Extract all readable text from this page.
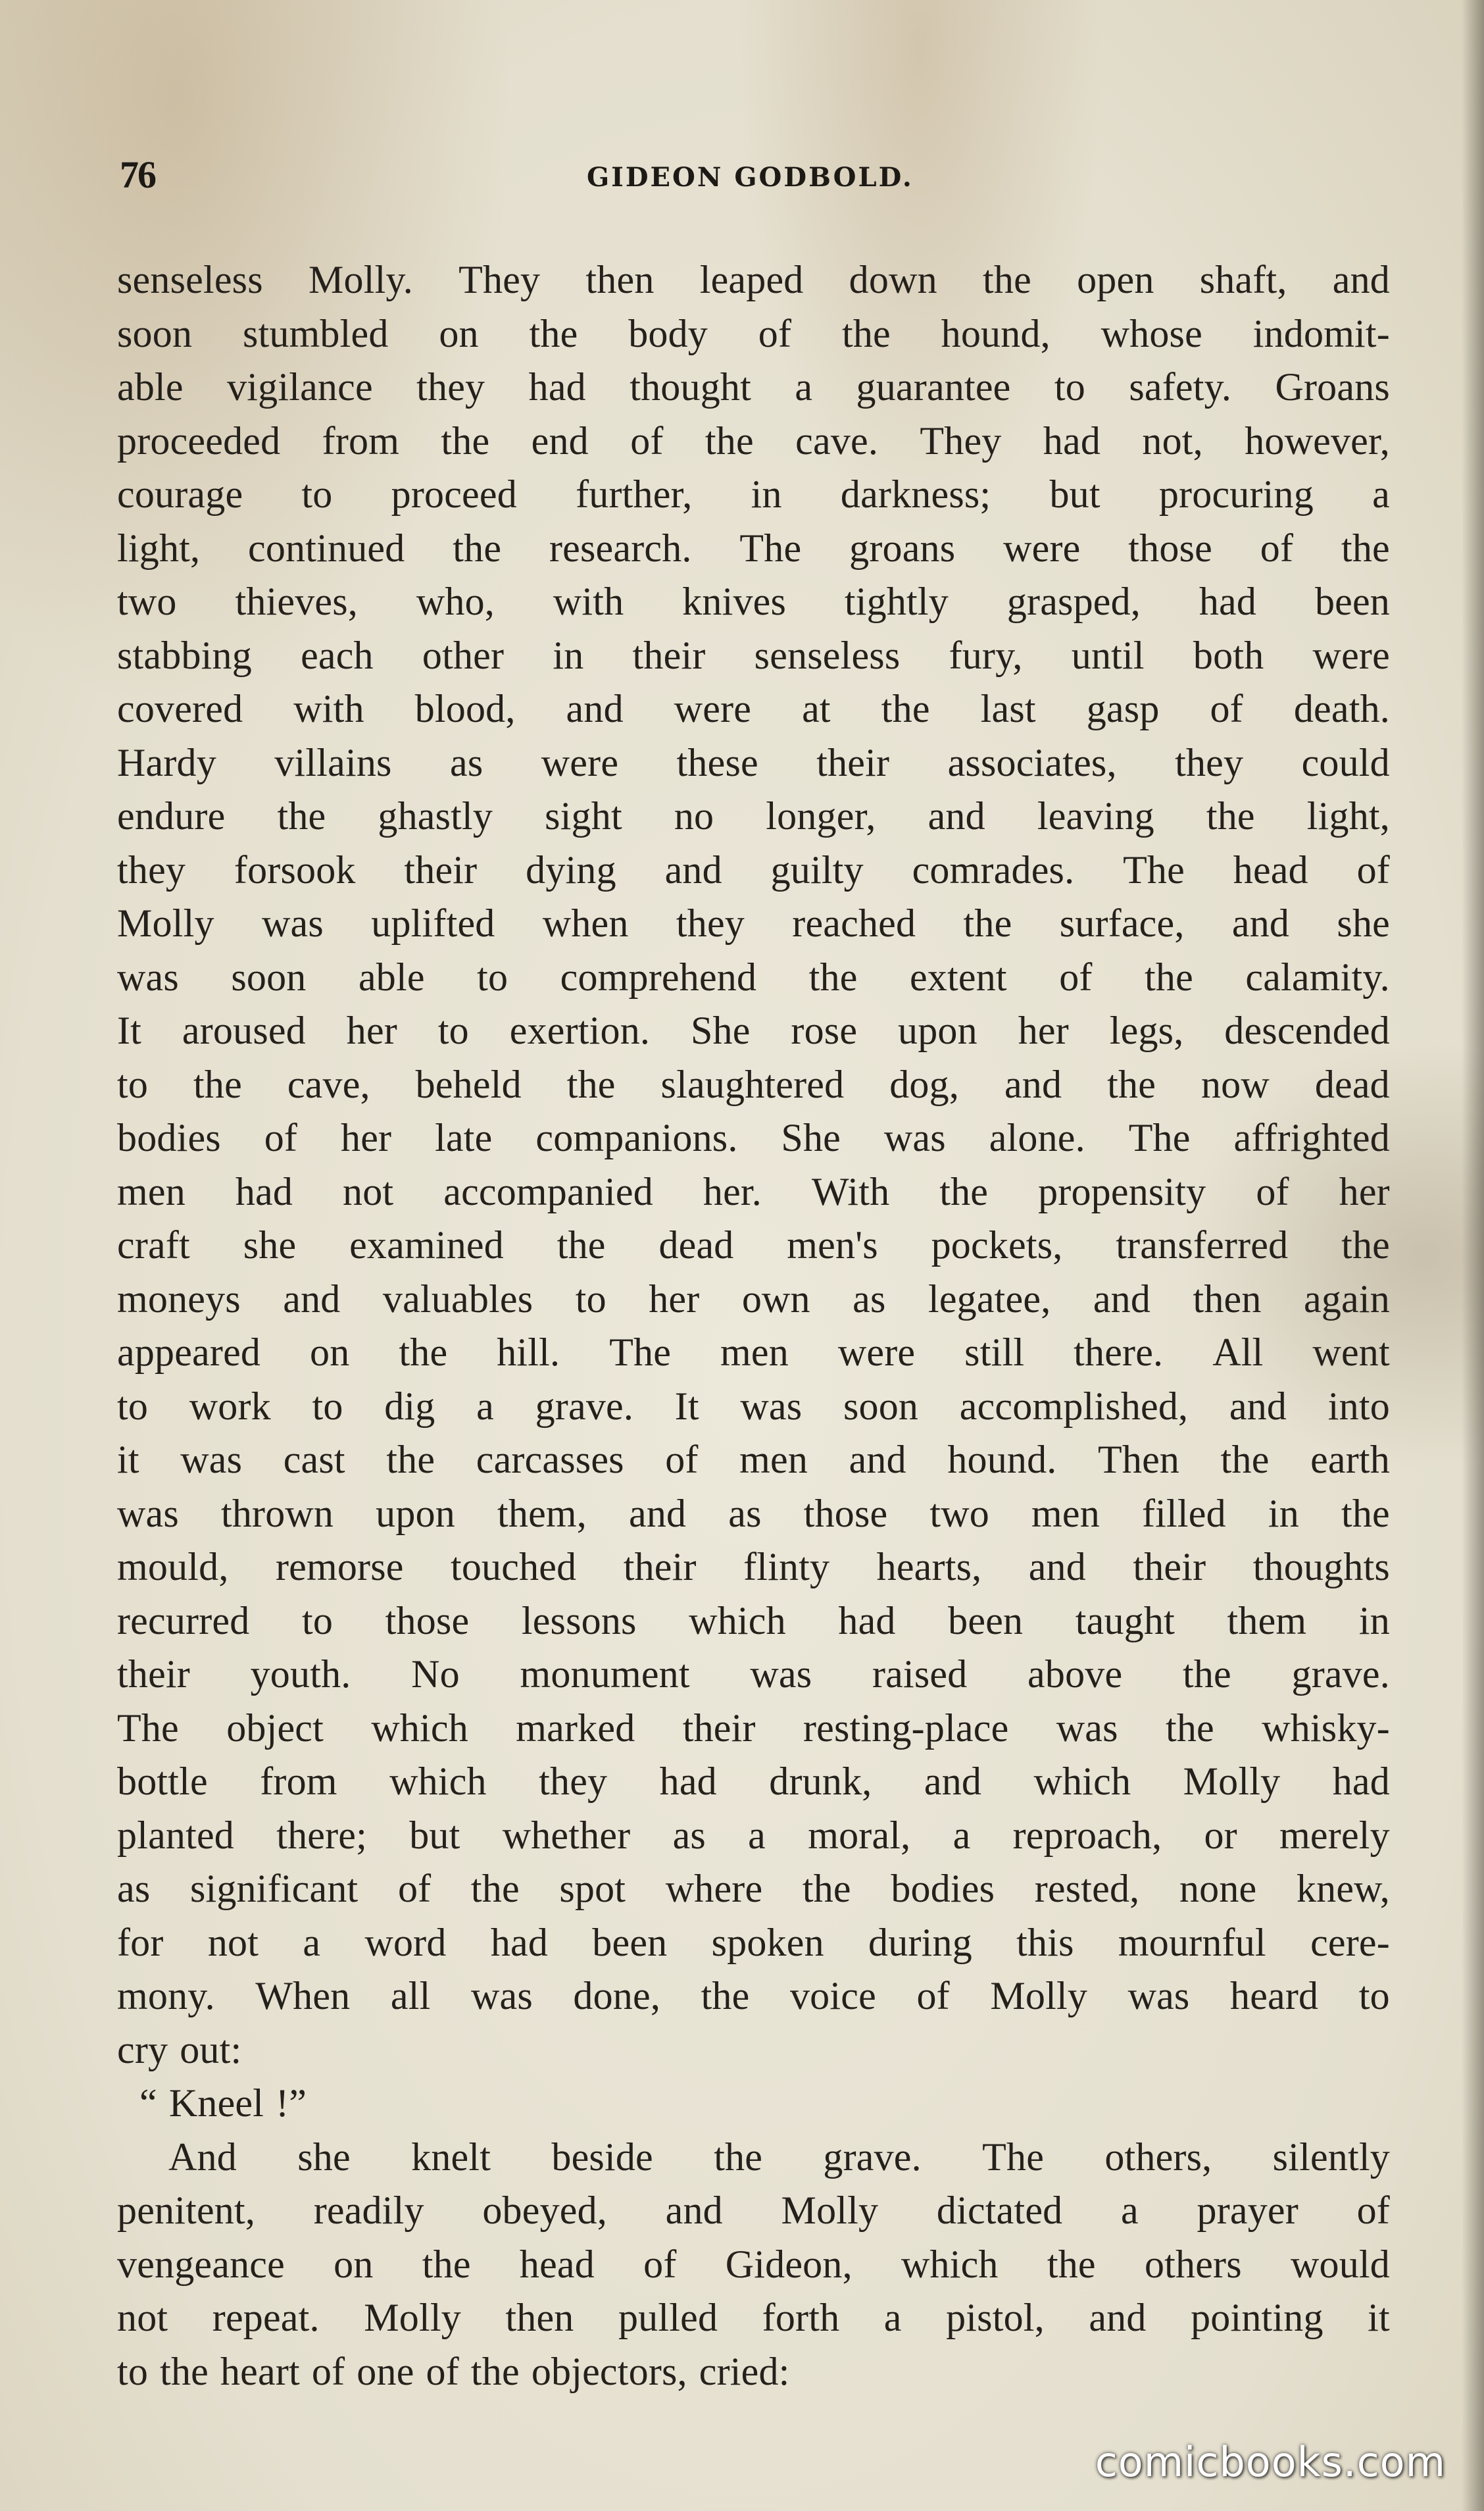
76	GIDEON GODBOLD.
senseless Molly. They then leaped down the open shaft, and
soon stumbled on the body of the hound, whose indomit-
able vigilance they had thought a guarantee to safety. Groans
proceeded from the end of the cave. They had not, however,
courage to proceed further, in darkness; but procuring a
light, continued the research. The groans were those of the
two thieves, who, with knives tightly grasped, had been
stabbing each other in their senseless fury, until both were
covered with blood, and were at the last gasp of death.
Hardy villains as were these their associates, they could
endure the ghastly sight no longer, and leaving the light,
they forsook their dying and guilty comrades. The head of
Molly was uplifted when they reached the surface, and she
was soon able to comprehend the extent of the calamity.
It aroused her to exertion. She rose upon her legs, descended
to the cave, beheld the slaughtered dog, and the now dead
bodies of her late companions. She was alone. The affrighted
men had not accompanied her. With the propensity of her
craft she examined the dead men's pockets, transferred the
moneys and valuables to her own as legatee, and then again
appeared on the hill. The men were still there. All went
to work to dig a grave. It was soon accomplished, and into
it was cast the carcasses of men and hound. Then the earth
was thrown upon them, and as those two men filled in the
mould, remorse touched their flinty hearts, and their thoughts
recurred to those lessons which had been taught them in
their youth. No monument was raised above the grave.
The object which marked their resting-place was the whisky-
bottle from which they had drunk, and which Molly had
planted there; but whether as a moral, a reproach, or merely
as significant of the spot where the bodies rested, none knew,
for not a word had been spoken during this mournful cere-
mony. When all was done, the voice of Molly was heard to
cry out:
“ Kneel !”
And she knelt beside the grave. The others, silently
penitent, readily obeyed, and Molly dictated a prayer of
vengeance on the head of Gideon, which the others would
not repeat. Molly then pulled forth a pistol, and pointing it
to the heart of one of the objectors, cried:
comicbooks.com
